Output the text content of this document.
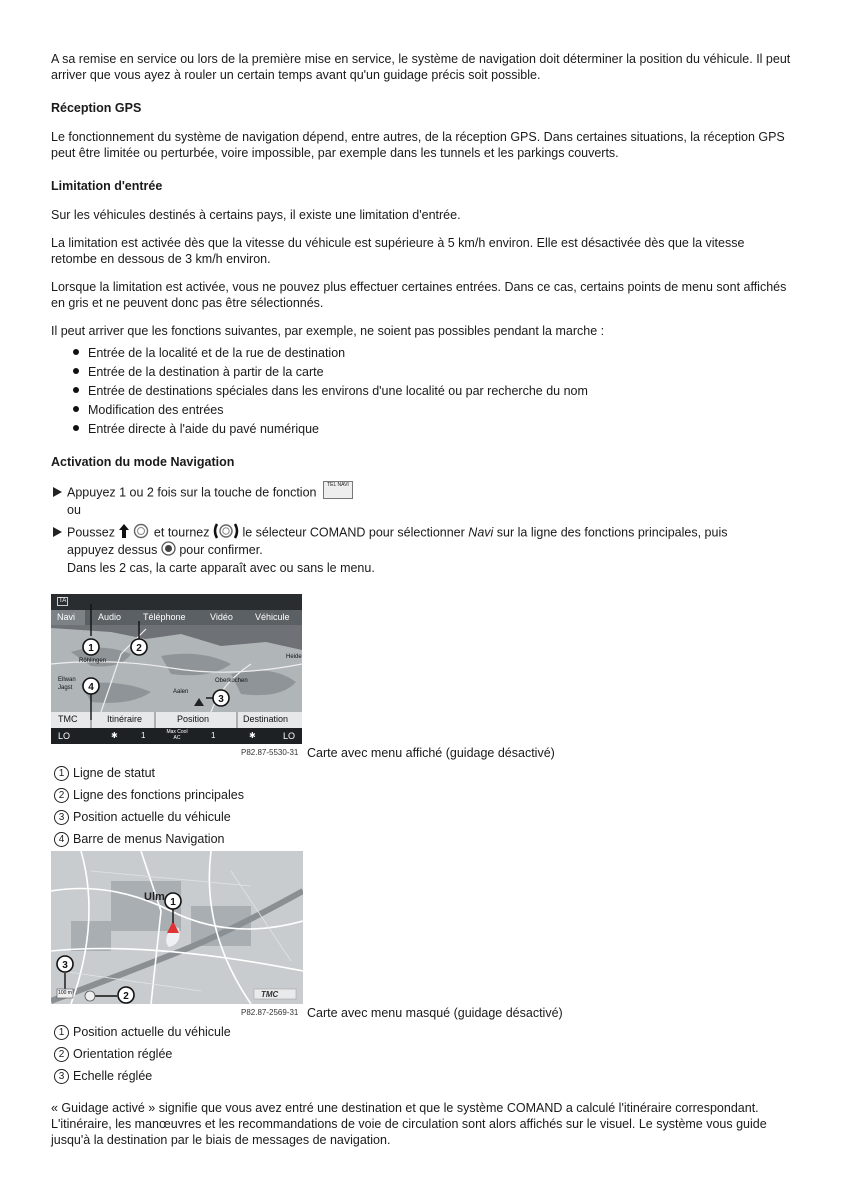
A sa remise en service ou lors de la première mise en service, le système de navigation doit déterminer la position du véhicule. Il peut arriver que vous ayez à rouler un certain temps avant qu'un guidage précis soit possible.

Réception GPS

Le fonctionnement du système de navigation dépend, entre autres, de la réception GPS. Dans certaines situations, la réception GPS peut être limitée ou perturbée, voire impossible, par exemple dans les tunnels et les parkings couverts.

Limitation d'entrée

Sur les véhicules destinés à certains pays, il existe une limitation d'entrée.

La limitation est activée dès que la vitesse du véhicule est supérieure à 5 km/h environ. Elle est désactivée dès que la vitesse retombe en dessous de 3 km/h environ.

Lorsque la limitation est activée, vous ne pouvez plus effectuer certaines entrées. Dans ce cas, certains points de menu sont affichés en gris et ne peuvent donc pas être sélectionnés.

Il peut arriver que les fonctions suivantes, par exemple, ne soient pas possibles pendant la marche :

Entrée de la localité et de la rue de destination
Entrée de la destination à partir de la carte
Entrée de destinations spéciales dans les environs d'une localité ou par recherche du nom
Modification des entrées
Entrée directe à l'aide du pavé numérique

Activation du mode Navigation

Appuyez 1 ou 2 fois sur la touche de fonction TEL NAVI
ou
Poussez	et tournez	le sélecteur COMAND pour sélectionner Navi sur la ligne des fonctions principales, puis
appuyez dessus pour confirmer.
Dans les 2 cas, la carte apparaît avec ou sans le menu.
1	2
3
4
TA
Navi	Audio Téléphone	Vidéo Véhicule
Röhlingen
Ellwan
Jagst
Aalen
Oberkochen
Heide
TMC	Itinéraire	Position	Destination
LO	✱	1	Max Cool AC	1	✱	LO
P82.87-5530-31 Carte avec menu affiché (guidage désactivé)
1 Ligne de statut
2 Ligne des fonctions principales
3 Position actuelle du véhicule
4 Barre de menus Navigation
1
3
2
Ulm
100 m	TMC
P82.87-2569-31 Carte avec menu masqué (guidage désactivé)
1 Position actuelle du véhicule
2 Orientation réglée
3 Echelle réglée

« Guidage activé » signifie que vous avez entré une destination et que le système COMAND a calculé l'itinéraire correspondant. L'itinéraire, les manœuvres et les recommandations de voie de circulation sont alors affichés sur le visuel. Le système vous guide jusqu'à la destination par le biais de messages de navigation.
